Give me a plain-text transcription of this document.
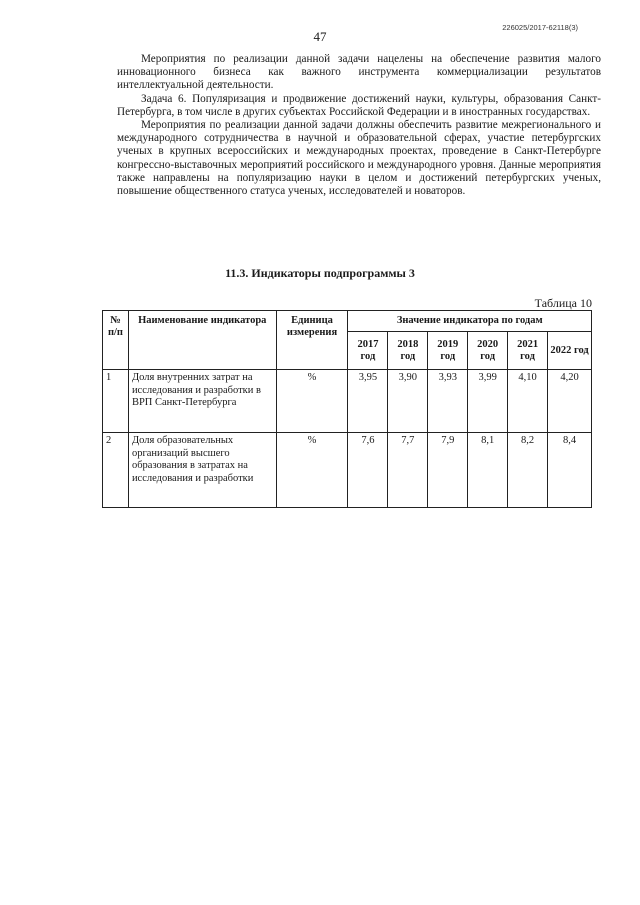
226025/2017-62118(3)
47

Мероприятия по реализации данной задачи нацелены на обеспечение развития малого инновационного бизнеса как важного инструмента коммерциализации результатов интеллектуальной деятельности.

Задача 6. Популяризация и продвижение достижений науки, культуры, образования Санкт-Петербурга, в том числе в других субъектах Российской Федерации и в иностранных государствах.

Мероприятия по реализации данной задачи должны обеспечить развитие межрегионального и международного сотрудничества в научной и образовательной сферах, участие петербургских ученых в крупных всероссийских и международных проектах, проведение в Санкт-Петербурге конгрессно-выставочных мероприятий российского и международного уровня. Данные мероприятия также направлены на популяризацию науки в целом и достижений петербургских ученых, повышение общественного статуса ученых, исследователей и новаторов.

11.3. Индикаторы подпрограммы 3
Таблица 10
№ п/п	Наименование индикатора	Единица измерения	Значение индикатора по годам					
			2017 год	2018 год	2019 год	2020 год	2021 год	2022 год
1	Доля внутренних затрат на исследования и разработки в ВРП Санкт-Петербурга	%	3,95	3,90	3,93	3,99	4,10	4,20
2	Доля образовательных организаций высшего образования в затратах на исследования и разработки	%	7,6	7,7	7,9	8,1	8,2	8,4
